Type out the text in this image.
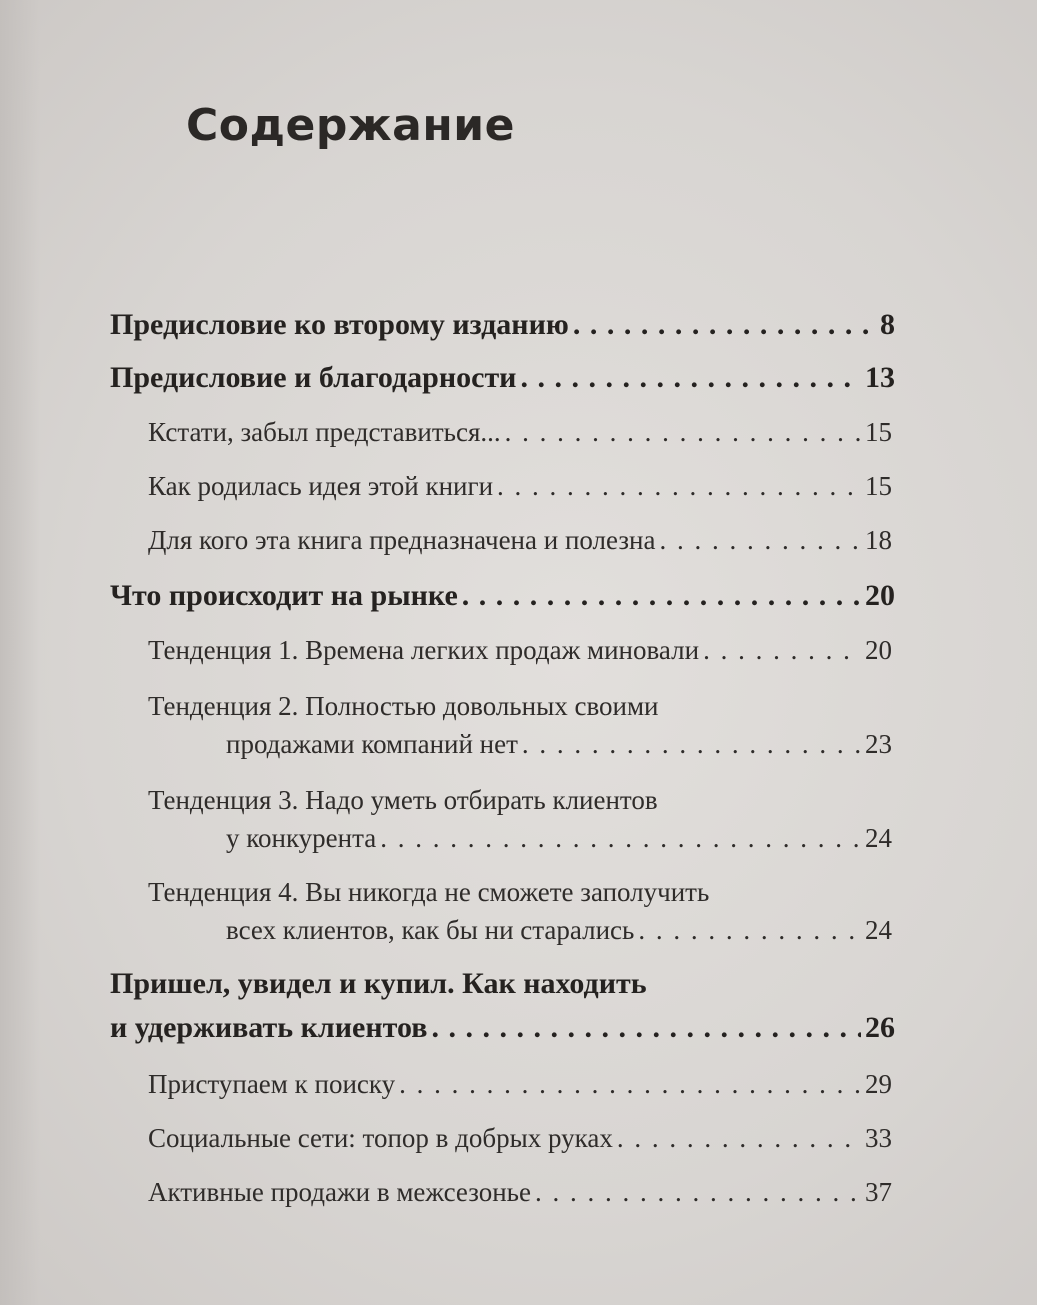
Содержание
Предисловие ко второму изданию . . .	8
Предисловие и благодарности . . .	13
Кстати, забыл представиться... . . .	15
Как родилась идея этой книги . . .	15
Для кого эта книга предназначена и полезна . . .	18
Что происходит на рынке . . .	20
Тенденция 1. Времена легких продаж миновали . . .	20
Тенденция 2. Полностью довольных своими
продажами компаний нет . . .	23
Тенденция 3. Надо уметь отбирать клиентов
у конкурента . . .	24
Тенденция 4. Вы никогда не сможете заполучить
всех клиентов, как бы ни старались . . .	24
Пришел, увидел и купил. Как находить
и удерживать клиентов . . .	26
Приступаем к поиску . . .	29
Социальные сети: топор в добрых руках . . .	33
Активные продажи в межсезонье . . .	37
